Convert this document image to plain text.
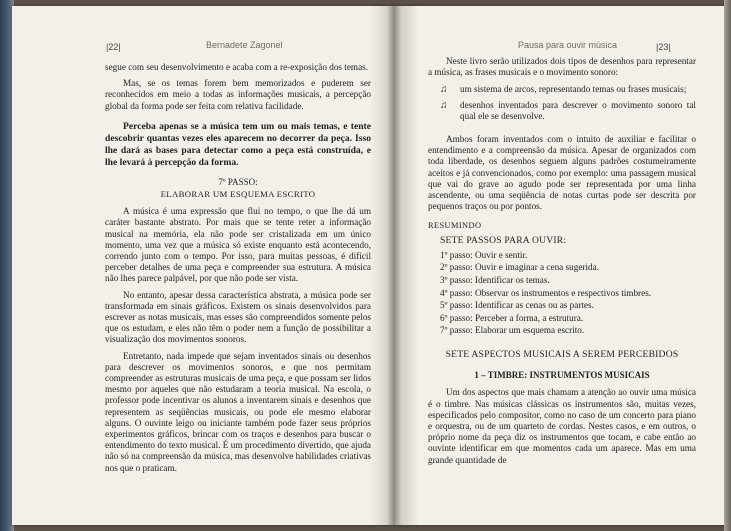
|22|	Bernadete Zagonel

segue com seu desenvolvimento e acaba com a re-exposição dos temas.

Mas, se os temas forem bem memorizados e puderem ser reconhecidos em meio a todas as informações musicais, a percepção global da forma pode ser feita com relativa facilidade.

Perceba apenas se a música tem um ou mais temas, e tente descobrir quantas vezes eles aparecem no decorrer da peça. Isso lhe dará as bases para detectar como a peça está construída, e lhe levará à percepção da forma.

7º PASSO:
ELABORAR UM ESQUEMA ESCRITO

A música é uma expressão que flui no tempo, o que lhe dá um caráter bastante abstrato. Por mais que se tente reter a informação musical na memória, ela não pode ser cristalizada em um único momento, uma vez que a música só existe enquanto está acontecendo, correndo junto com o tempo. Por isso, para muitas pessoas, é difícil perceber detalhes de uma peça e compreender sua estrutura. A música não lhes parece palpável, por que não pode ser vista.

No entanto, apesar dessa característica abstrata, a música pode ser transformada em sinais gráficos. Existem os sinais desenvolvidos para escrever as notas musicais, mas esses são compreendidos somente pelos que os estudam, e eles não têm o poder nem a função de possibilitar a visualização dos movimentos sonoros.

Entretanto, nada impede que sejam inventados sinais ou desenhos para descrever os movimentos sonoros, e que nos permitam compreender as estruturas musicais de uma peça, e que possam ser lidos mesmo por aqueles que não estudaram a teoria musical. Na escola, o professor pode incentivar os alunos a inventarem sinais e desenhos que representem as seqüências musicais, ou pode ele mesmo elaborar alguns. O ouvinte leigo ou iniciante também pode fazer seus próprios experimentos gráficos, brincar com os traços e desenhos para buscar o entendimento do texto musical. É um procedimento divertido, que ajuda não só na compreensão da música, mas desenvolve habilidades criativas nos que o praticam.

Pausa para ouvir música	|23|

Neste livro serão utilizados dois tipos de desenhos para representar a música, as frases musicais e o movimento sonoro:

♫ um sistema de arcos, representando temas ou frases musicais;
♫ desenhos inventados para descrever o movimento sonoro tal qual ele se desenvolve.

Ambos foram inventados com o intuito de auxiliar e facilitar o entendimento e a compreensão da música. Apesar de organizados com toda liberdade, os desenhos seguem alguns padrões costumeiramente aceitos e já convencionados, como por exemplo: uma passagem musical que vai do grave ao agudo pode ser representada por uma linha ascendente, ou uma seqüência de notas curtas pode ser descrita por pequenos traços ou por pontos.

RESUMINDO
SETE PASSOS PARA OUVIR:
1º passo: Ouvir e sentir.
2º passo: Ouvir e imaginar a cena sugerida.
3º passo: Identificar os temas.
4º passo: Observar os instrumentos e respectivos timbres.
5º passo: Identificar as cenas ou as partes.
6º passo: Perceber a forma, a estrutura.
7º passo: Elaborar um esquema escrito.
SETE ASPECTOS MUSICAIS A SEREM PERCEBIDOS
1 – TIMBRE: INSTRUMENTOS MUSICAIS

Um dos aspectos que mais chamam a atenção ao ouvir uma música é o timbre. Nas músicas clássicas os instrumentos são, muitas vezes, especificados pelo compositor, como no caso de um concerto para piano e orquestra, ou de um quarteto de cordas. Nestes casos, e em outros, o próprio nome da peça diz os instrumentos que tocam, e cabe então ao ouvinte identificar em que momentos cada um aparece. Mas em uma grande quantidade de
